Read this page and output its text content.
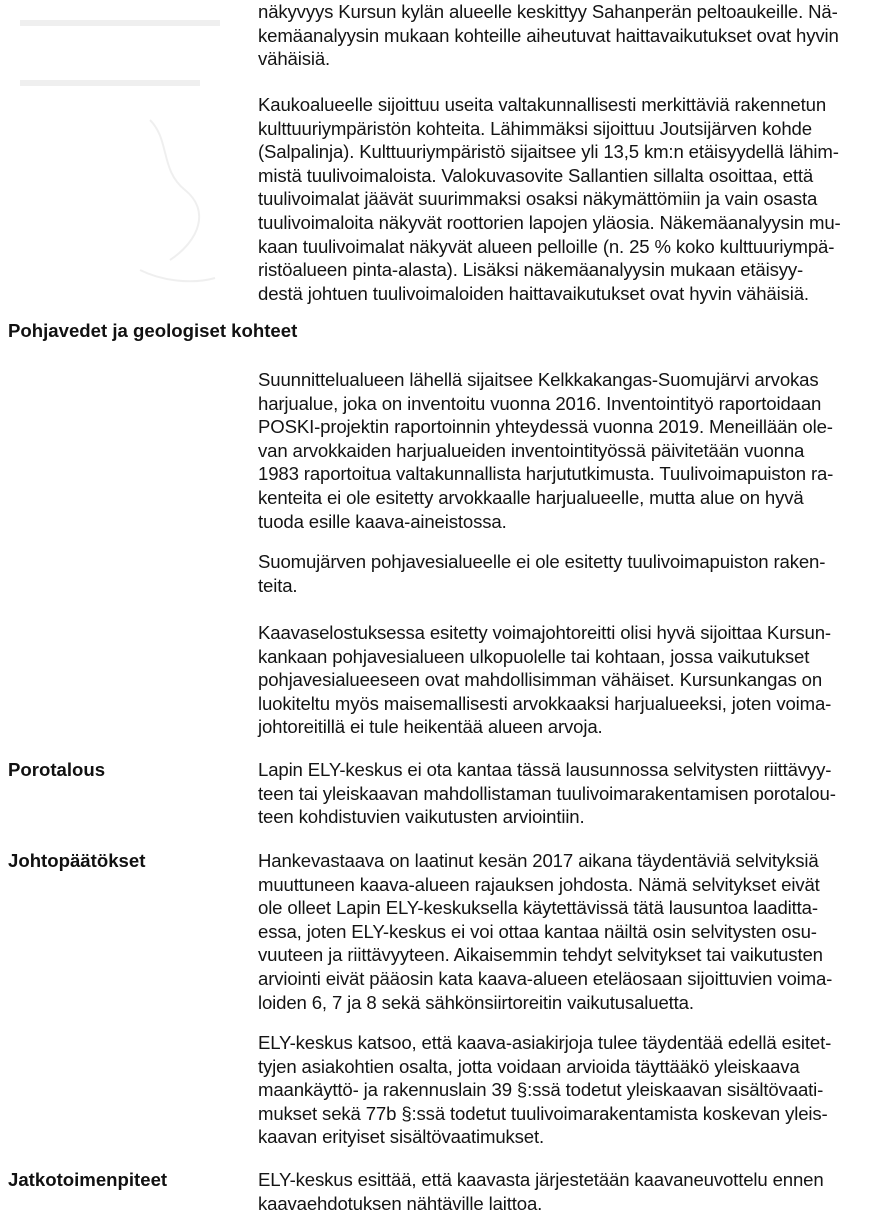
näkyvyys Kursun kylän alueelle keskittyy Sahanperän peltoaukeille. Nä-
kemäanalyysin mukaan kohteille aiheutuvat haittavaikutukset ovat hyvin
vähäisiä.
Kaukoalueelle sijoittuu useita valtakunnallisesti merkittäviä rakennetun
kulttuuriympäristön kohteita. Lähimmäksi sijoittuu Joutsijärven kohde
(Salpalinja). Kulttuuriympäristö sijaitsee yli 13,5 km:n etäisyydellä lähim-
mistä tuulivoimaloista. Valokuvasovite Sallantien sillalta osoittaa, että
tuulivoimalat jäävät suurimmaksi osaksi näkymättömiin ja vain osasta
tuulivoimaloita näkyvät roottorien lapojen yläosia. Näkemäanalyysin mu-
kaan tuulivoimalat näkyvät alueen pelloille (n. 25 % koko kulttuuriympä-
ristöalueen pinta-alasta). Lisäksi näkemäanalyysin mukaan etäisyy-
destä johtuen tuulivoimaloiden haittavaikutukset ovat hyvin vähäisiä.
Pohjavedet ja geologiset kohteet
Suunnittelualueen lähellä sijaitsee Kelkkakangas-Suomujärvi arvokas
harjualue, joka on inventoitu vuonna 2016. Inventointityö raportoidaan
POSKI-projektin raportoinnin yhteydessä vuonna 2019. Meneillään ole-
van arvokkaiden harjualueiden inventointityössä päivitetään vuonna
1983 raportoitua valtakunnallista harjututkimusta. Tuulivoimapuiston ra-
kenteita ei ole esitetty arvokkaalle harjualueelle, mutta alue on hyvä
tuoda esille kaava-aineistossa.
Suomujärven pohjavesialueelle ei ole esitetty tuulivoimapuiston raken-
teita.
Kaavaselostuksessa esitetty voimajohtoreitti olisi hyvä sijoittaa Kursun-
kankaan pohjavesialueen ulkopuolelle tai kohtaan, jossa vaikutukset
pohjavesialueeseen ovat mahdollisimman vähäiset. Kursunkangas on
luokiteltu myös maisemallisesti arvokkaaksi harjualueeksi, joten voima-
johtoreitillä ei tule heikentää alueen arvoja.
Porotalous	Lapin ELY-keskus ei ota kantaa tässä lausunnossa selvitysten riittävyy-
teen tai yleiskaavan mahdollistaman tuulivoimarakentamisen porotalou-
teen kohdistuvien vaikutusten arviointiin.
Johtopäätökset	Hankevastaava on laatinut kesän 2017 aikana täydentäviä selvityksiä
muuttuneen kaava-alueen rajauksen johdosta. Nämä selvitykset eivät
ole olleet Lapin ELY-keskuksella käytettävissä tätä lausuntoa laaditta-
essa, joten ELY-keskus ei voi ottaa kantaa näiltä osin selvitysten osu-
vuuteen ja riittävyyteen. Aikaisemmin tehdyt selvitykset tai vaikutusten
arviointi eivät pääosin kata kaava-alueen eteläosaan sijoittuvien voima-
loiden 6, 7 ja 8 sekä sähkönsiirtoreitin vaikutusaluetta.
ELY-keskus katsoo, että kaava-asiakirjoja tulee täydentää edellä esitet-
tyjen asiakohtien osalta, jotta voidaan arvioida täyttääkö yleiskaava
maankäyttö- ja rakennuslain 39 §:ssä todetut yleiskaavan sisältövaati-
mukset sekä 77b §:ssä todetut tuulivoimarakentamista koskevan yleis-
kaavan erityiset sisältövaatimukset.
Jatkotoimenpiteet	ELY-keskus esittää, että kaavasta järjestetään kaavaneuvottelu ennen
kaavaehdotuksen nähtäville laittoa.
